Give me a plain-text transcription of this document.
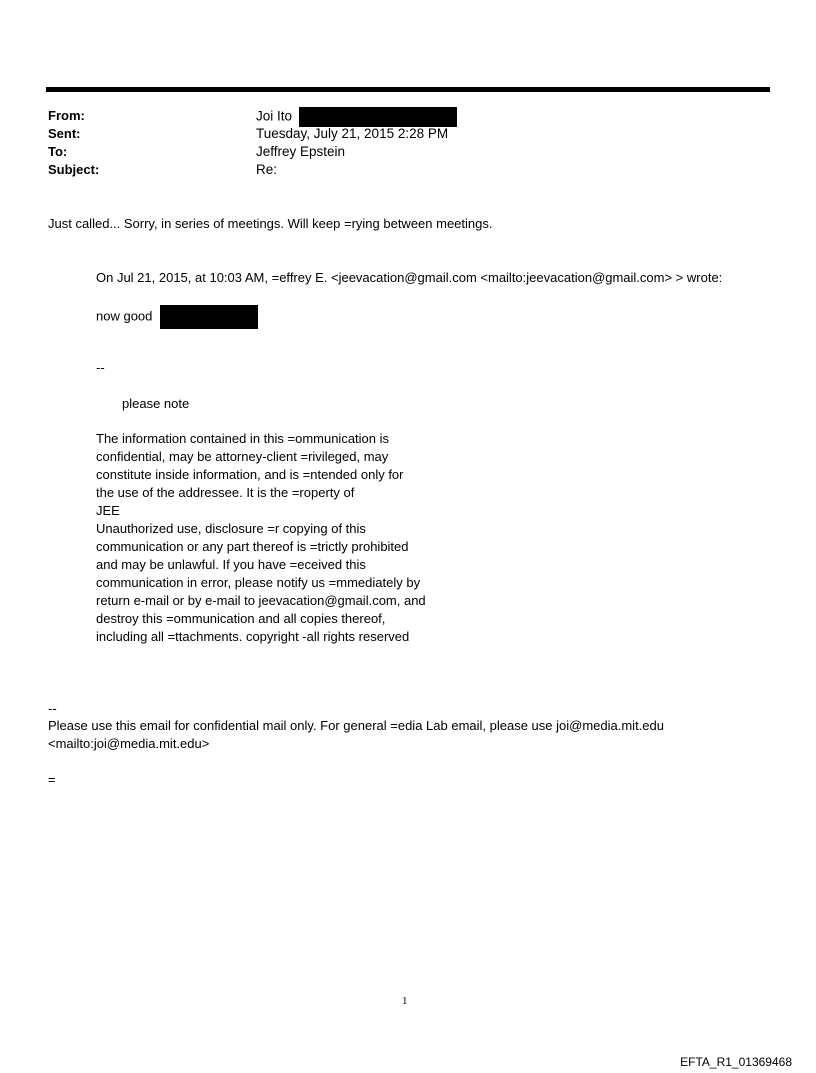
From:	Joi Ito
Sent:	Tuesday, July 21, 2015 2:28 PM
To:	Jeffrey Epstein
Subject:	Re:
Just called... Sorry, in series of meetings. Will keep =rying between meetings.
On Jul 21, 2015, at 10:03 AM, =effrey E. <jeevacation@gmail.com <mailto:jeevacation@gmail.com> > wrote:
now good
--
please note
The information contained in this =ommunication is
confidential, may be attorney-client =rivileged, may
constitute inside information, and is =ntended only for
the use of the addressee. It is the =roperty of
JEE
Unauthorized use, disclosure =r copying of this
communication or any part thereof is =trictly prohibited
and may be unlawful. If you have =eceived this
communication in error, please notify us =mmediately by
return e-mail or by e-mail to jeevacation@gmail.com, and
destroy this =ommunication and all copies thereof,
including all =ttachments. copyright -all rights reserved
--
Please use this email for confidential mail only. For general =edia Lab email, please use joi@media.mit.edu
<mailto:joi@media.mit.edu>
=
1
EFTA_R1_01369468
